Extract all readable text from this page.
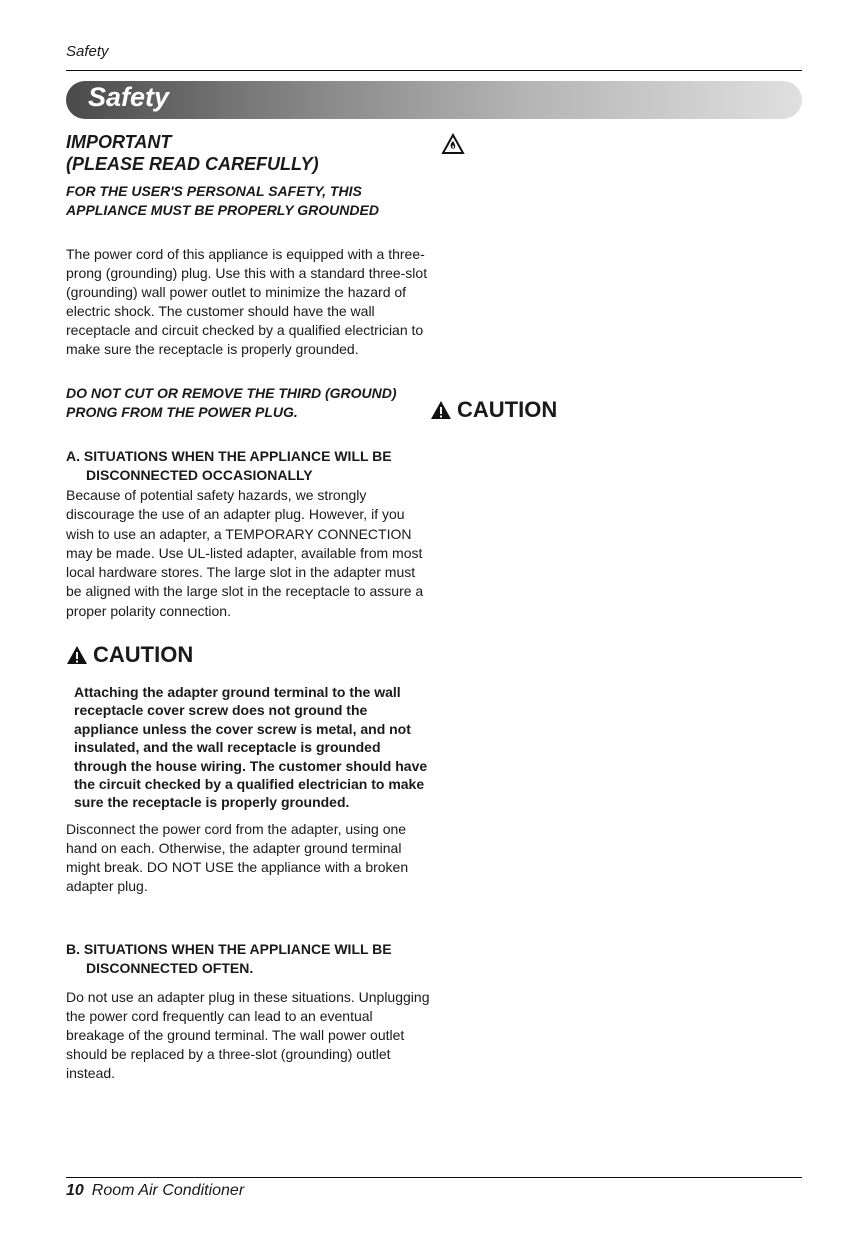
Safety
Safety
IMPORTANT
(PLEASE READ CAREFULLY)
FOR THE USER'S PERSONAL SAFETY, THIS APPLIANCE MUST BE PROPERLY GROUNDED
The power cord of this appliance is equipped with a three-prong (grounding) plug. Use this with a standard three-slot (grounding) wall power outlet to minimize the hazard of electric shock. The customer should have the wall receptacle and circuit checked by a qualified electrician to make sure the receptacle is properly grounded.
DO NOT CUT OR REMOVE THE THIRD (GROUND) PRONG FROM THE POWER PLUG.
A. SITUATIONS WHEN THE APPLIANCE WILL BE
DISCONNECTED OCCASIONALLY
Because of potential safety hazards, we strongly discourage the use of an adapter plug. However, if you wish to use an adapter, a TEMPORARY CONNECTION may be made. Use UL-listed adapter, available from most local hardware stores. The large slot in the adapter must be aligned with the large slot in the receptacle to assure a proper polarity connection.
CAUTION
Attaching the adapter ground terminal to the wall receptacle cover screw does not ground the appliance unless the cover screw is metal, and not insulated, and the wall receptacle is grounded through the house wiring. The customer should have the circuit checked by a qualified electrician to make sure the receptacle is properly grounded.
Disconnect the power cord from the adapter, using one hand on each. Otherwise, the adapter ground terminal might break. DO NOT USE the appliance with a broken adapter plug.
B. SITUATIONS WHEN THE APPLIANCE WILL BE
DISCONNECTED OFTEN.
Do not use an adapter plug in these situations. Unplugging the power cord frequently can lead to an eventual breakage of the ground terminal. The wall power outlet should be replaced by a three-slot (grounding) outlet instead.
CAUTION
10 Room Air Conditioner
